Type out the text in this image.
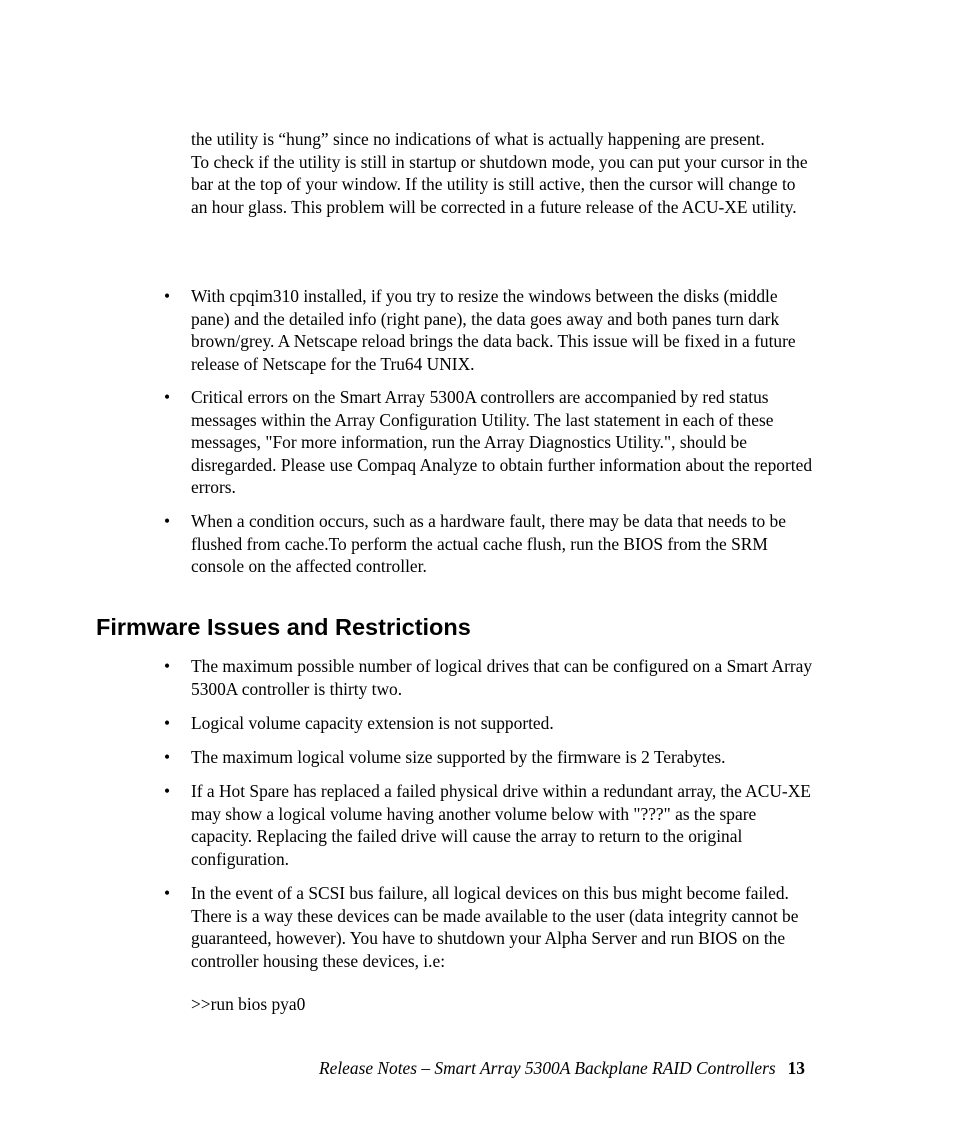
the utility is “hung” since no indications of what is actually happening are present.

To check if the utility is still in startup or shutdown mode, you can put your cursor in the bar at the top of your window. If the utility is still active, then the cursor will change to an hour glass. This problem will be corrected in a future release of the ACU-XE utility.

• With cpqim310 installed, if you try to resize the windows between the disks (middle pane) and the detailed info (right pane), the data goes away and both panes turn dark brown/grey. A Netscape reload brings the data back. This issue will be fixed in a future release of Netscape for the Tru64 UNIX.
• Critical errors on the Smart Array 5300A controllers are accompanied by red status messages within the Array Configuration Utility. The last statement in each of these messages, "For more information, run the Array Diagnostics Utility.", should be disregarded. Please use Compaq Analyze to obtain further information about the reported errors.
• When a condition occurs, such as a hardware fault, there may be data that needs to be flushed from cache.To perform the actual cache flush, run the BIOS from the SRM console on the affected controller.
Firmware Issues and Restrictions
• The maximum possible number of logical drives that can be configured on a Smart Array 5300A controller is thirty two.
• Logical volume capacity extension is not supported.
• The maximum logical volume size supported by the firmware is 2 Terabytes.
• If a Hot Spare has replaced a failed physical drive within a redundant array, the ACU-XE may show a logical volume having another volume below with "???" as the spare capacity. Replacing the failed drive will cause the array to return to the original configuration.
• In the event of a SCSI bus failure, all logical devices on this bus might become failed. There is a way these devices can be made available to the user (data integrity cannot be guaranteed, however). You have to shutdown your Alpha Server and run BIOS on the controller housing these devices, i.e:
>>run bios pya0
Release Notes – Smart Array 5300A Backplane RAID Controllers 13
